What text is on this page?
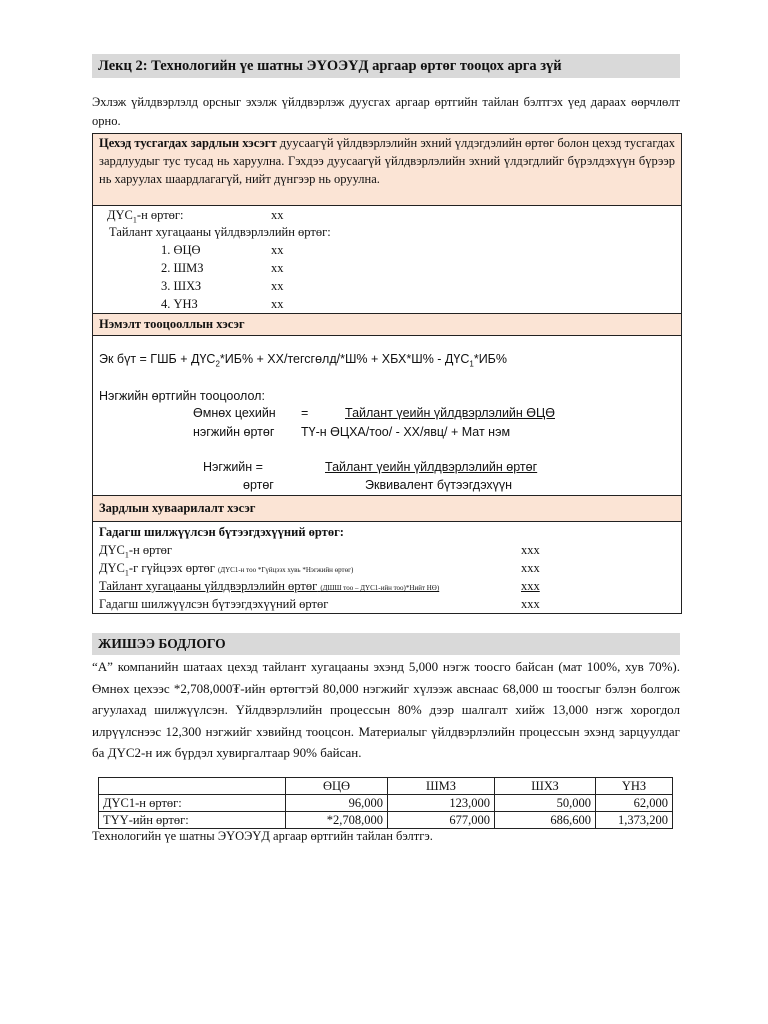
Лекц 2: Технологийн үе шатны ЭҮОЭҮД аргаар өртөг тооцох арга зүй
Эхлэж үйлдвэрлэлд орсныг эхэлж үйлдвэрлэж дуусгах аргаар өртгийн тайлан бэлтгэх үед дараах өөрчлөлт орно.
Цехэд тусгагдах зардлын хэсэгт дуусаагүй үйлдвэрлэлийн эхний үлдэгдэлийн өртөг болон цехэд тусгагдах зардлуудыг тус тусад нь харуулна. Гэхдээ дуусаагүй үйлдвэрлэлийн эхний үлдэгдлийг бүрэлдэхүүн бүрээр нь харуулах шаардлагагүй, нийт дүнгээр нь оруулна.
$ДҮС_1-н$ өртөг:	xx
Тайлант хугацааны үйлдвэрлэлийн өртөг:
1. ӨЦӨ	xx
2. ШМЗ	xx
3. ШХЗ	xx
4. ҮНЗ	xx
Нэмэлт тооцооллын хэсэг
Эк бүт = ГШБ + $ДҮС_2*ИБ\%$ + ХХ/тегсгөлд/*Ш% + $ХБХ*Ш\% - ДҮС_1*ИБ\%$
Нэгжийн өртгийн тооцоолол:
Өмнөх цехийн =	Тайлант үеийн үйлдвэрлэлийн ӨЦӨ
нэгжийн өртөг ТҮ-н ӨЦХА/тоо/ - ХХ/явц/ + Мат нэм
Нэгжийн =	Тайлант үеийн үйлдвэрлэлийн өртөг
өртөг	Эквивалент бүтээгдэхүүн
Зардлын хуваарилалт хэсэг
Гадагш шилжүүлсэн бүтээгдэхүүний өртөг:
$ДҮС_1-н$ өртөг	xxx
$ДҮС_1-г$ гүйцээх өртөг (ДҮС1-н тоо *Гүйцээх хувь *Нэгжийн өртөг)	xxx
Тайлант хугацааны үйлдвэрлэлийн өртөг (ДШШ тоо – ДҮС1-ийн тоо)*Нийт НӨ)	xxx
Гадагш шилжүүлсэн бүтээгдэхүүний өртөг	xxx
ЖИШЭЭ БОДЛОГО
“А” компанийн шатаах цехэд тайлант хугацааны эхэнд 5,000 нэгж тоосго байсан (мат 100%, хув 70%). Өмнөх цехээс *2,708,000₮-ийн өртөгтэй 80,000 нэгжийг хүлээж авснаас 68,000 ш тоосгыг бэлэн болгож агуулахад шилжүүлсэн. Үйлдвэрлэлийн процессын 80% дээр шалгалт хийж 13,000 нэгж хорогдол илрүүлснээс 12,300 нэгжийг хэвийнд тооцсон. Материалыг үйлдвэрлэлийн процессын эхэнд зарцуулдаг ба ДҮС2-н иж бүрдэл хувиргалтаар 90% байсан.
	ӨЦӨ	ШМЗ	ШХЗ	ҮНЗ
ДҮС1-н өртөг:	96,000	123,000	50,000	62,000
ТҮҮ-ийн өртөг:	*2,708,000	677,000	686,600	1,373,200
Технологийн үе шатны ЭҮОЭҮД аргаар өртгийн тайлан бэлтгэ.
